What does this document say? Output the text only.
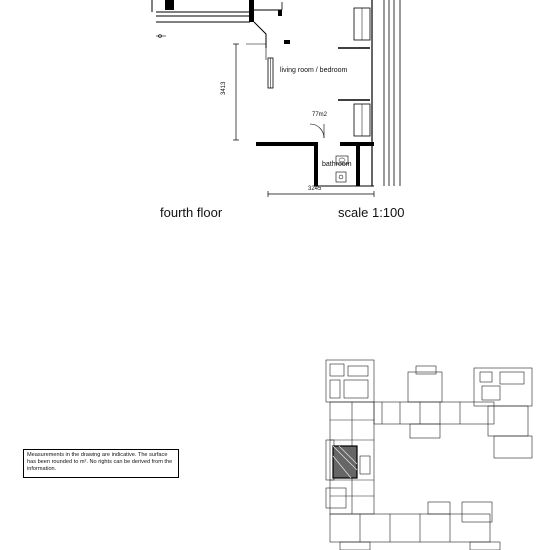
living room / bedroom
77m2
bathroom
3245
3413
fourth floor	scale 1:100
Measurements in the drawing are indicative. The surface has been rounded to m². No rights can be derived from the information.
